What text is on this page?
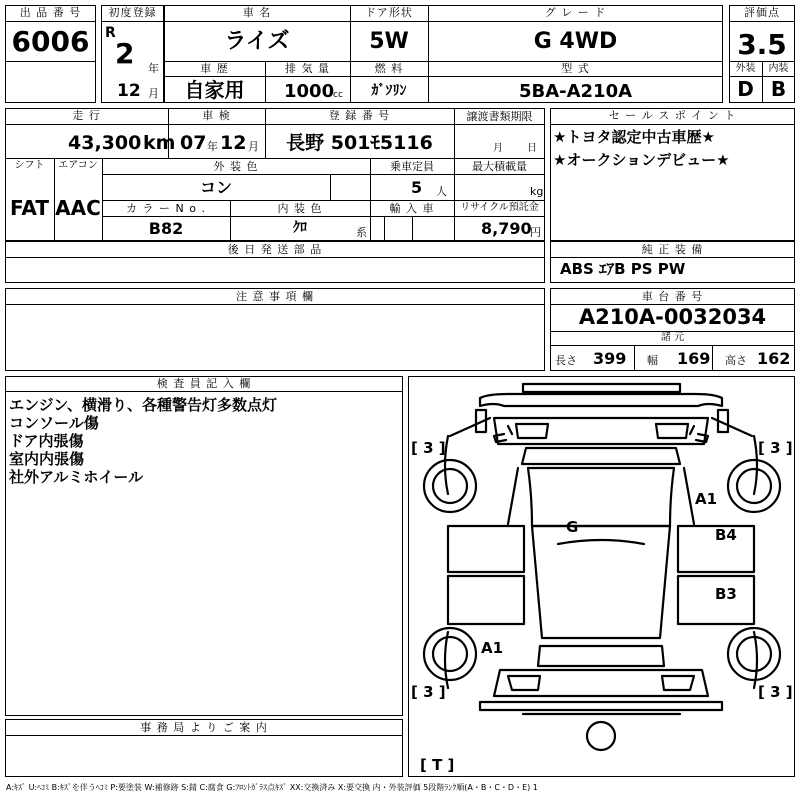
出 品 番 号
6006
初度登録
R
2 年
12 月
車 名
ライズ
ドア形状
5W
グ レ ー ド
G 4WD
車 歴
自家用
排 気 量
1000
cc
燃 料
ｶﾞｿﾘﾝ
型 式
5BA-A210A
評価点
3.5
外装	内装
D B
走 行
43,300 km
車 検
07 年 12 月
登 録 番 号
長野 501ﾓ5116
譲渡書類期限
月 日
シフト
FAT
エアコン
AAC
外 装 色
コン
乗車定員
5 人
最大積載量
kg
カ ラ ー N o .
B82
内 装 色
ｸﾛ	系
輸 入 車	リサイクル預託金
8,790
円
後 日 発 送 部 品
セ ー ル ス ポ イ ン ト
★トヨタ認定中古車歴★
★オークションデビュー★
純 正 装 備
ABS ｴｱB PS PW
注 意 事 項 欄	車 台 番 号
A210A-0032034
諸 元
長さ 399 幅 169 高さ 162
検 査 員 記 入 欄
エンジン、横滑り、各種警告灯多数点灯
コンソール傷
ドア内張傷
室内内張傷
社外アルミホイール
事 務 局 よ り ご 案 内
[ 3 ]	[ 3 ]
[ 3 ]	[ 3 ]
[ T ]
G
A1
B4
B3
A1
A:ｷｽﾞ U:ﾍｺﾐ B:ｷｽﾞを伴うﾍｺﾐ P:要塗装 W:補修跡 S:錆 C:腐食 G:ﾌﾛﾝﾄｶﾞﾗｽ点ｷｽﾞ XX:交換済み X:要交換 内・外装評価 5段階ﾗﾝｸ順(A・B・C・D・E) 1
